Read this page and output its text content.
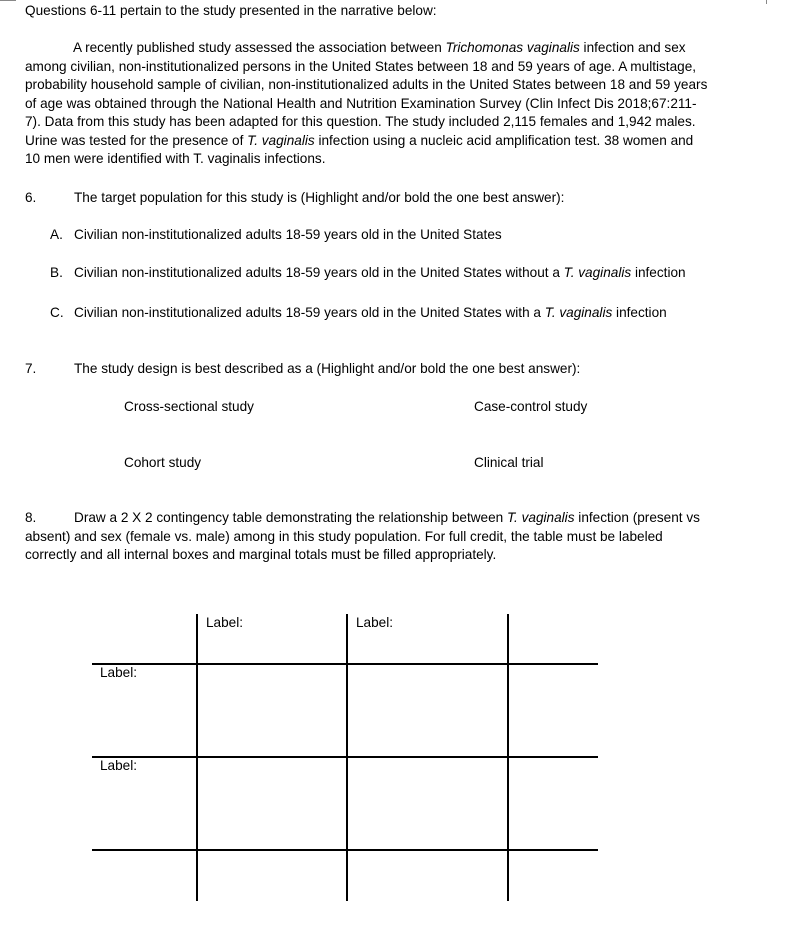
Questions 6-11 pertain to the study presented in the narrative below:
A recently published study assessed the association between Trichomonas vaginalis infection and sex
among civilian, non-institutionalized persons in the United States between 18 and 59 years of age. A multistage,
probability household sample of civilian, non-institutionalized adults in the United States between 18 and 59 years
of age was obtained through the National Health and Nutrition Examination Survey (Clin Infect Dis 2018;67:211-
7). Data from this study has been adapted for this question. The study included 2,115 females and 1,942 males.
Urine was tested for the presence of T. vaginalis infection using a nucleic acid amplification test. 38 women and
10 men were identified with T. vaginalis infections.
6.	The target population for this study is (Highlight and/or bold the one best answer):
A. Civilian non-institutionalized adults 18-59 years old in the United States
B. Civilian non-institutionalized adults 18-59 years old in the United States without a T. vaginalis infection
C. Civilian non-institutionalized adults 18-59 years old in the United States with a T. vaginalis infection
7.	The study design is best described as a (Highlight and/or bold the one best answer):
Cross-sectional study	Case-control study
Cohort study	Clinical trial
8.	Draw a 2 X 2 contingency table demonstrating the relationship between T. vaginalis infection (present vs
absent) and sex (female vs. male) among in this study population. For full credit, the table must be labeled
correctly and all internal boxes and marginal totals must be filled appropriately.
Label:	Label:
Label:
Label:
